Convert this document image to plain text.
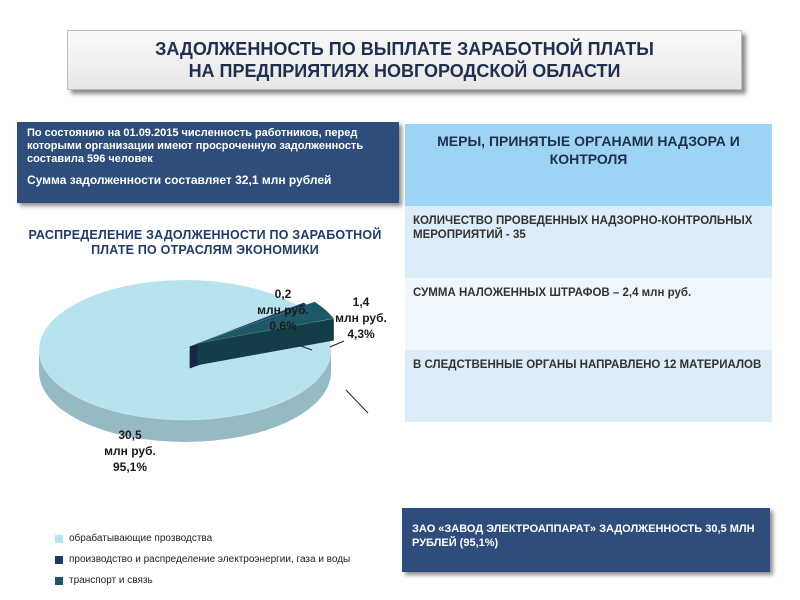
ЗАДОЛЖЕННОСТЬ ПО ВЫПЛАТЕ ЗАРАБОТНОЙ ПЛАТЫ
НА ПРЕДПРИЯТИЯХ НОВГОРОДСКОЙ ОБЛАСТИ
По состоянию на 01.09.2015 численность работников, перед которыми организации имеют просроченную задолженность составила 596 человек
Сумма задолженности составляет 32,1 млн рублей
РАСПРЕДЕЛЕНИЕ ЗАДОЛЖЕННОСТИ ПО ЗАРАБОТНОЙ ПЛАТЕ ПО ОТРАСЛЯМ ЭКОНОМИКИ
30,5
млн руб.
95,1%
0,2
млн руб.
0,6%
1,4
млн руб.
4,3%
обрабатывающие прозводства
производство и распределение электроэнергии, газа и воды
транспорт и связь
МЕРЫ, ПРИНЯТЫЕ ОРГАНАМИ НАДЗОРА И КОНТРОЛЯ
КОЛИЧЕСТВО ПРОВЕДЕННЫХ НАДЗОРНО-КОНТРОЛЬНЫХ МЕРОПРИЯТИЙ - 35
СУММА НАЛОЖЕННЫХ ШТРАФОВ – 2,4 млн руб.
В СЛЕДСТВЕННЫЕ ОРГАНЫ НАПРАВЛЕНО 12 МАТЕРИАЛОВ
ЗАО «ЗАВОД ЭЛЕКТРОАППАРАТ» ЗАДОЛЖЕННОСТЬ 30,5 МЛН РУБЛЕЙ (95,1%)
